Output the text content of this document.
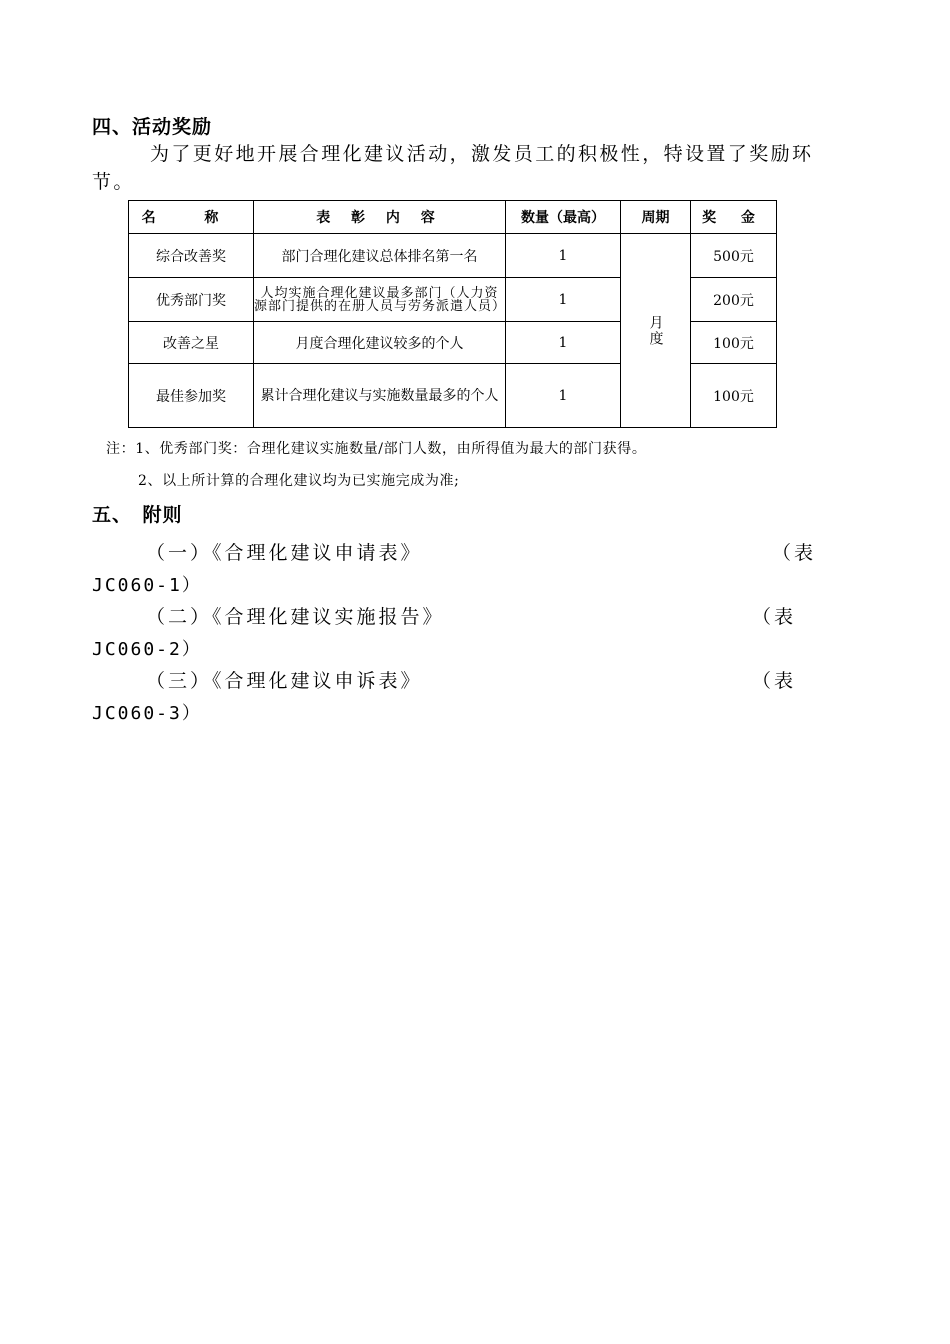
四、活动奖励

为了更好地开展合理化建议活动，激发员工的积极性，特设置了奖励环节。

名 称	表 彰 内 容	数量（最高）	周期	奖 金
综合改善奖	部门合理化建议总体排名第一名	1	月度	500元
优秀部门奖	人均实施合理化建议最多部门（人力资源部门提供的在册人员与劳务派遣人员）	1		200元
改善之星	月度合理化建议较多的个人	1		100元
最佳参加奖	累计合理化建议与实施数量最多的个人	1		100元
注：1、优秀部门奖：合理化建议实施数量/部门人数，由所得值为最大的部门获得。
2、以上所计算的合理化建议均为已实施完成为准;
五、　附则
（一）《合理化建议申请表》	（表
JC060-1）
（二）《合理化建议实施报告》	（表
JC060-2）
（三）《合理化建议申诉表》	（表
JC060-3）
